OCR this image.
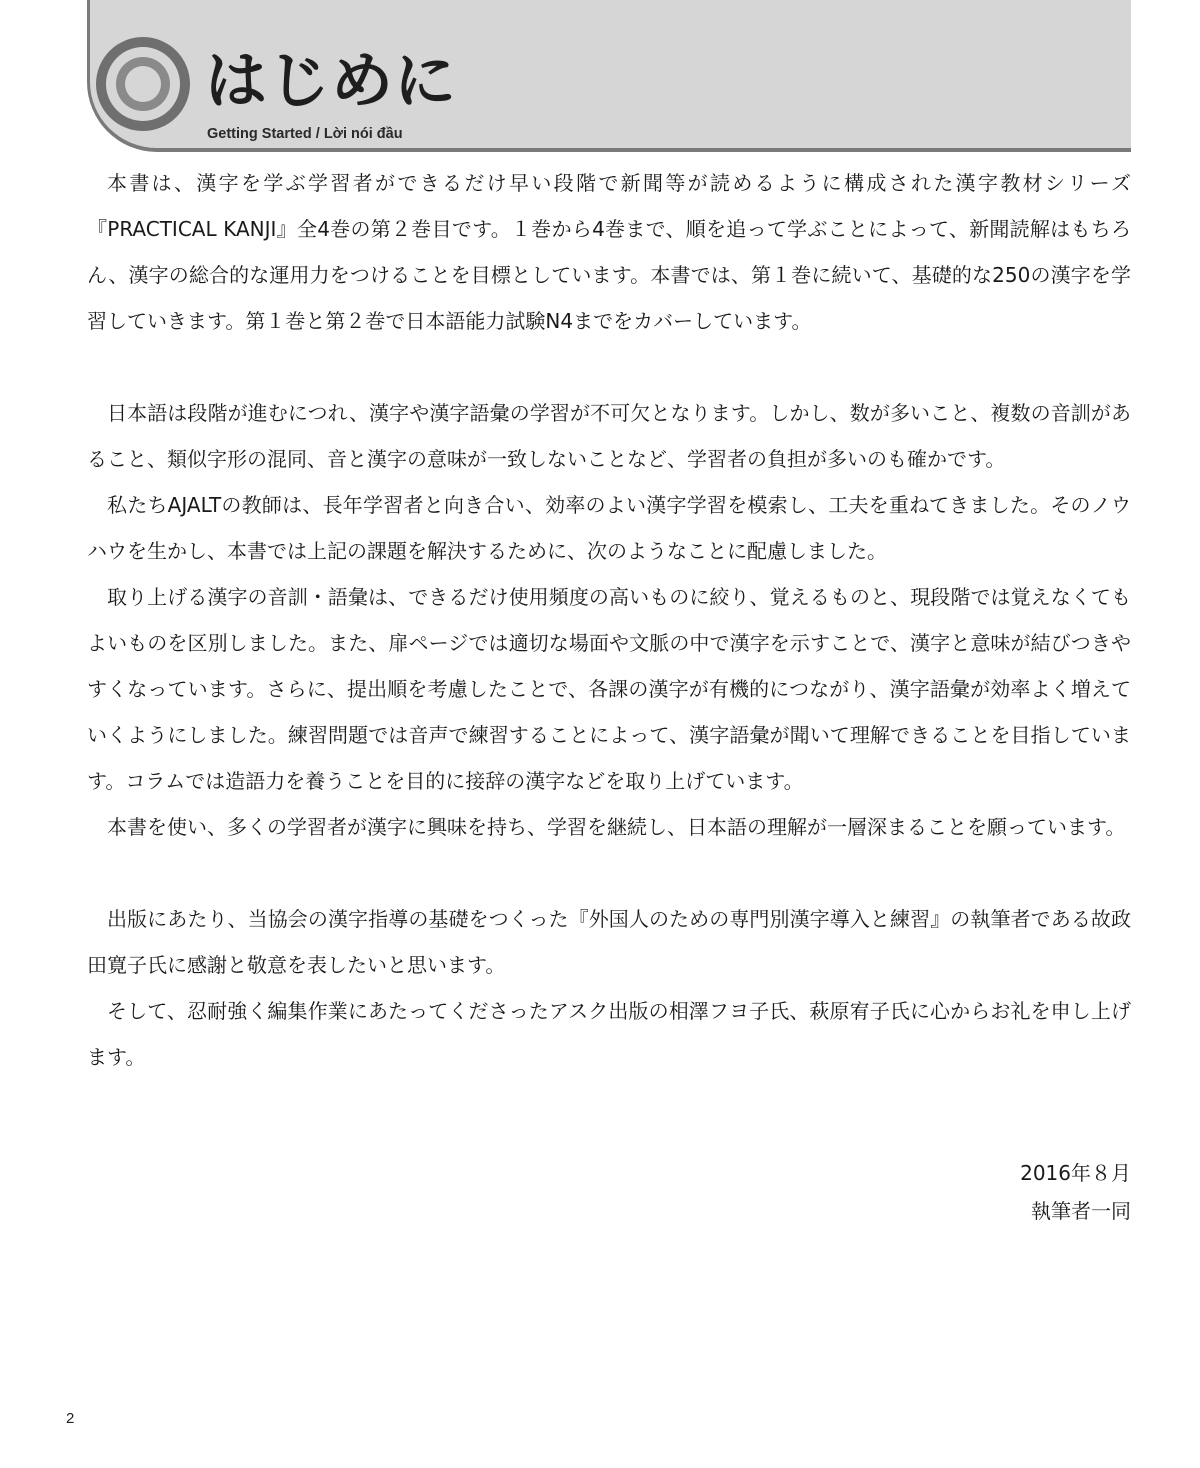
はじめに
Getting Started / Lời nói đầu

本書は、漢字を学ぶ学習者ができるだけ早い段階で新聞等が読めるように構成された漢字教材シリーズ『PRACTICAL KANJI』全4巻の第２巻目です。１巻から4巻まで、順を追って学ぶことによって、新聞読解はもちろん、漢字の総合的な運用力をつけることを目標としています。本書では、第１巻に続いて、基礎的な250の漢字を学習していきます。第１巻と第２巻で日本語能力試験N4までをカバーしています。

日本語は段階が進むにつれ、漢字や漢字語彙の学習が不可欠となります。しかし、数が多いこと、複数の音訓があること、類似字形の混同、音と漢字の意味が一致しないことなど、学習者の負担が多いのも確かです。

私たちAJALTの教師は、長年学習者と向き合い、効率のよい漢字学習を模索し、工夫を重ねてきました。そのノウハウを生かし、本書では上記の課題を解決するために、次のようなことに配慮しました。

取り上げる漢字の音訓・語彙は、できるだけ使用頻度の高いものに絞り、覚えるものと、現段階では覚えなくてもよいものを区別しました。また、扉ページでは適切な場面や文脈の中で漢字を示すことで、漢字と意味が結びつきやすくなっています。さらに、提出順を考慮したことで、各課の漢字が有機的につながり、漢字語彙が効率よく増えていくようにしました。練習問題では音声で練習することによって、漢字語彙が聞いて理解できることを目指しています。コラムでは造語力を養うことを目的に接辞の漢字などを取り上げています。

本書を使い、多くの学習者が漢字に興味を持ち、学習を継続し、日本語の理解が一層深まることを願っています。

出版にあたり、当協会の漢字指導の基礎をつくった『外国人のための専門別漢字導入と練習』の執筆者である故政田寛子氏に感謝と敬意を表したいと思います。

そして、忍耐強く編集作業にあたってくださったアスク出版の相澤フヨ子氏、萩原宥子氏に心からお礼を申し上げます。

2016年８月
執筆者一同
2
